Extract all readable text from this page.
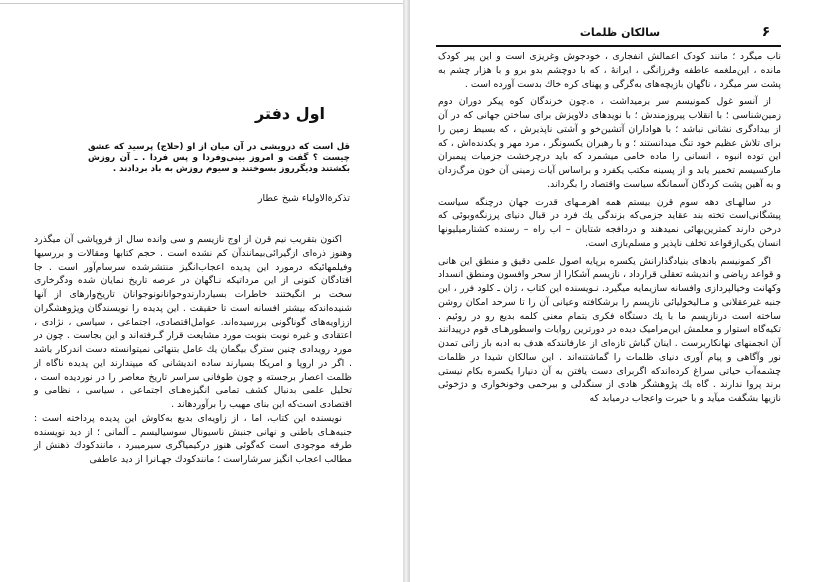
اول دفتر
قل است که درویشی در آن میان از او (حلاج) پرسید که عشق چیست ؟ گفت و امروز بینی‌وفردا و پس فردا . ـ آن روزش بکشتند ودیگرروز بسوختند و سیوم روزش به باد بردادند .
تذکرة‌الاولیاء شیخ عطار

اکنون بتقریب نیم قرن از اوج نازیسم و سی وانده سال از فروپاشی آن میگذرد وهنوز ذره‌ای ازگیرائی‌بیمانندآن کم نشده است . حجم کتابها ومقالات و بررسیها وفیلمهائیکه درمورد این پدیده اعجاب‌انگیز منتشرشده سرسام‌آور است . جا افتادگان کنونی از این مرداتیکه نـاگهان در عرصه تاریخ نمایان شده‌ ودگرخاری سخت بر انگیختند خاطرات بسیاردارندوجوانانونوجوانان تاریخ‌وارهای از آنها شنیده‌اندکه بیشتر افسانه است تا حقیقت . این پدیده را نویسندگان وپژوهشگران اززاویه‌های گوناگونی بررسیده‌اند. عوامل‌اقتصادی، اجتماعی ، سیاسی ، نژادی ، اعتقادی و غیره نوبت بنوبت مورد مشایعت قرار گـرفته‌اند و این بجاست . چون در مورد رویدادی چنین سترگ بیگمان یك عامل بتنهائی نمیتوانسته دست اندرکار باشد . اگر در اروپا و امریکا بسیارند ساده اندیشانی که میپندارند این پدیده ناگاه از ظلمت اعصار برجسته و چون طوفانی سراسر تاریخ معاصر را در نوردیده است ، تحلیل علمی بدنبال کشف تمامی انگیزه‌هـای اجتماعی ، سیاسی ، نظامی و اقتصادی است‌که این بنای مهیب را برآوردهاند .

نویسنده این کتاب، اما ، از زاویه‌ای بدیع به‌کاوش این پدیده پرداخته است : جنبه‌هـای باطنی و نهانی جنبش ناسیونال سوسیالیسم ـ آلمانی ؛ از دید نویسنده طرفه موجودی است که‌گوئی هنوز درکیمیاگری سیرمیبرد ، مانندکودك ذهنش از مطالب اعجاب انگیز سرشاراست ؛ مانندکودك جهـانرا از دید عاطفی

۶
سالکان ظلمات

ناب میگرد ؛ مانند کودک اعمالش انفجاری ، خودجوش وغریزی است و این پیر کودک مانده ، این‌ملغمه عاطفه وفرزانگی ، ایرانهٔ ، که با دوچشم بدو برو و با هزار چشم به پشت سر میگرد ، ناگهان بازیچه‌های به‌گرگی و پهنای کره خاك بدست آورده است .

از آنسو غول کمونیسم سر برمیداشت ، ه.چون خرندگان کوه پیکر دوران دوم زمین‌شناسی ؛ با انقلاب پیروزمندش ؛ با نویدهای دلاویزش برای ساختن جهانی که در آن از بیدادگری نشانی نباشد ؛ با هواداران آتشین‌خو و آشتی ناپذیرش ، که بسیط زمین را برای تلاش عظیم خود تنگ میدانستند ؛ و با رهبران یکسونگر ، مرد مهر و یکدنده‌اش ، که این توده انبوه ، انسانی را ماده خامی میشمرد که باید درچرخشت جزمیات پیمبران مارکسیسم تخمیر یابد و از پسینه مکتب یکفرد و براساس آیات زمینی آن خون مرگ‌زدان و به آهین پشت کردگان آسمانگه سیاست واقتصاد را بگرداند.

در سالهـای دهه سوم قرن بیستم همه اهرمـهای قدرت جهان درچنگه سیاست پیشگانی‌است تخته بند عقاید جزمی‌که بزندگی یك فرد در قبال دنیای پرزنگه‌وبوئی که درخن دارند کمترین‌بهائی نمیدهند و دردافجه شتابان – اب راه – رسنده کشتارمیلیونها انسان یکی‌ازقواعد تخلف ناپذیر و مسلم‌بازی است.

اگر کمونیسم بادهای بنیادگذارانش یکسره برپایه اصول علمی دقیق و منطق این هانی و قواعد ریاضی و اندیشه تعقلی قرارداد ، نازیسم آشکارا از سحر وافسون ومنطق انسداد وکهانت وخیالپردازی وافسانه سازیمایه میگیرد. نـویسنده این کتاب ، ژان ـ کلود فرر ، این جنبه غیرعقلانی و مـالیخولیائی نازیسم را برشکافته وعیانی آن را تا سرحد امکان روشن ساخته است درنازیسم ما با یك دستگاه فکری بتمام معنی کلمه بدیع رو در روئیم . تکیه‌گاه استوار و معلمش این‌مرامیک دیده در دورترین روایات واسطورهـای قوم درپیدانند آن انجمنهای نهانکاربرست . اینان گباش تازه‌ای از عارفانندکه هدف به ادبه با‌ز زاتی تمدن نور وآگاهی و پیام آوری دنیای ظلمات را گماشتنه‌اند . این سالکان شیدا در ظلمات چشمه‌آب حیاتی سراغ کرده‌اندکه اگربرای دست یافتن به آن دنیارا یکسره بکام نیستی برند پروا ندارند . گاه یك پژوهشگر هادی از سنگدلی و بیرحمی وخونخواری و دژخوئی نازیها بشگفت میآید و با حیرت واعجاب درمیابد که
